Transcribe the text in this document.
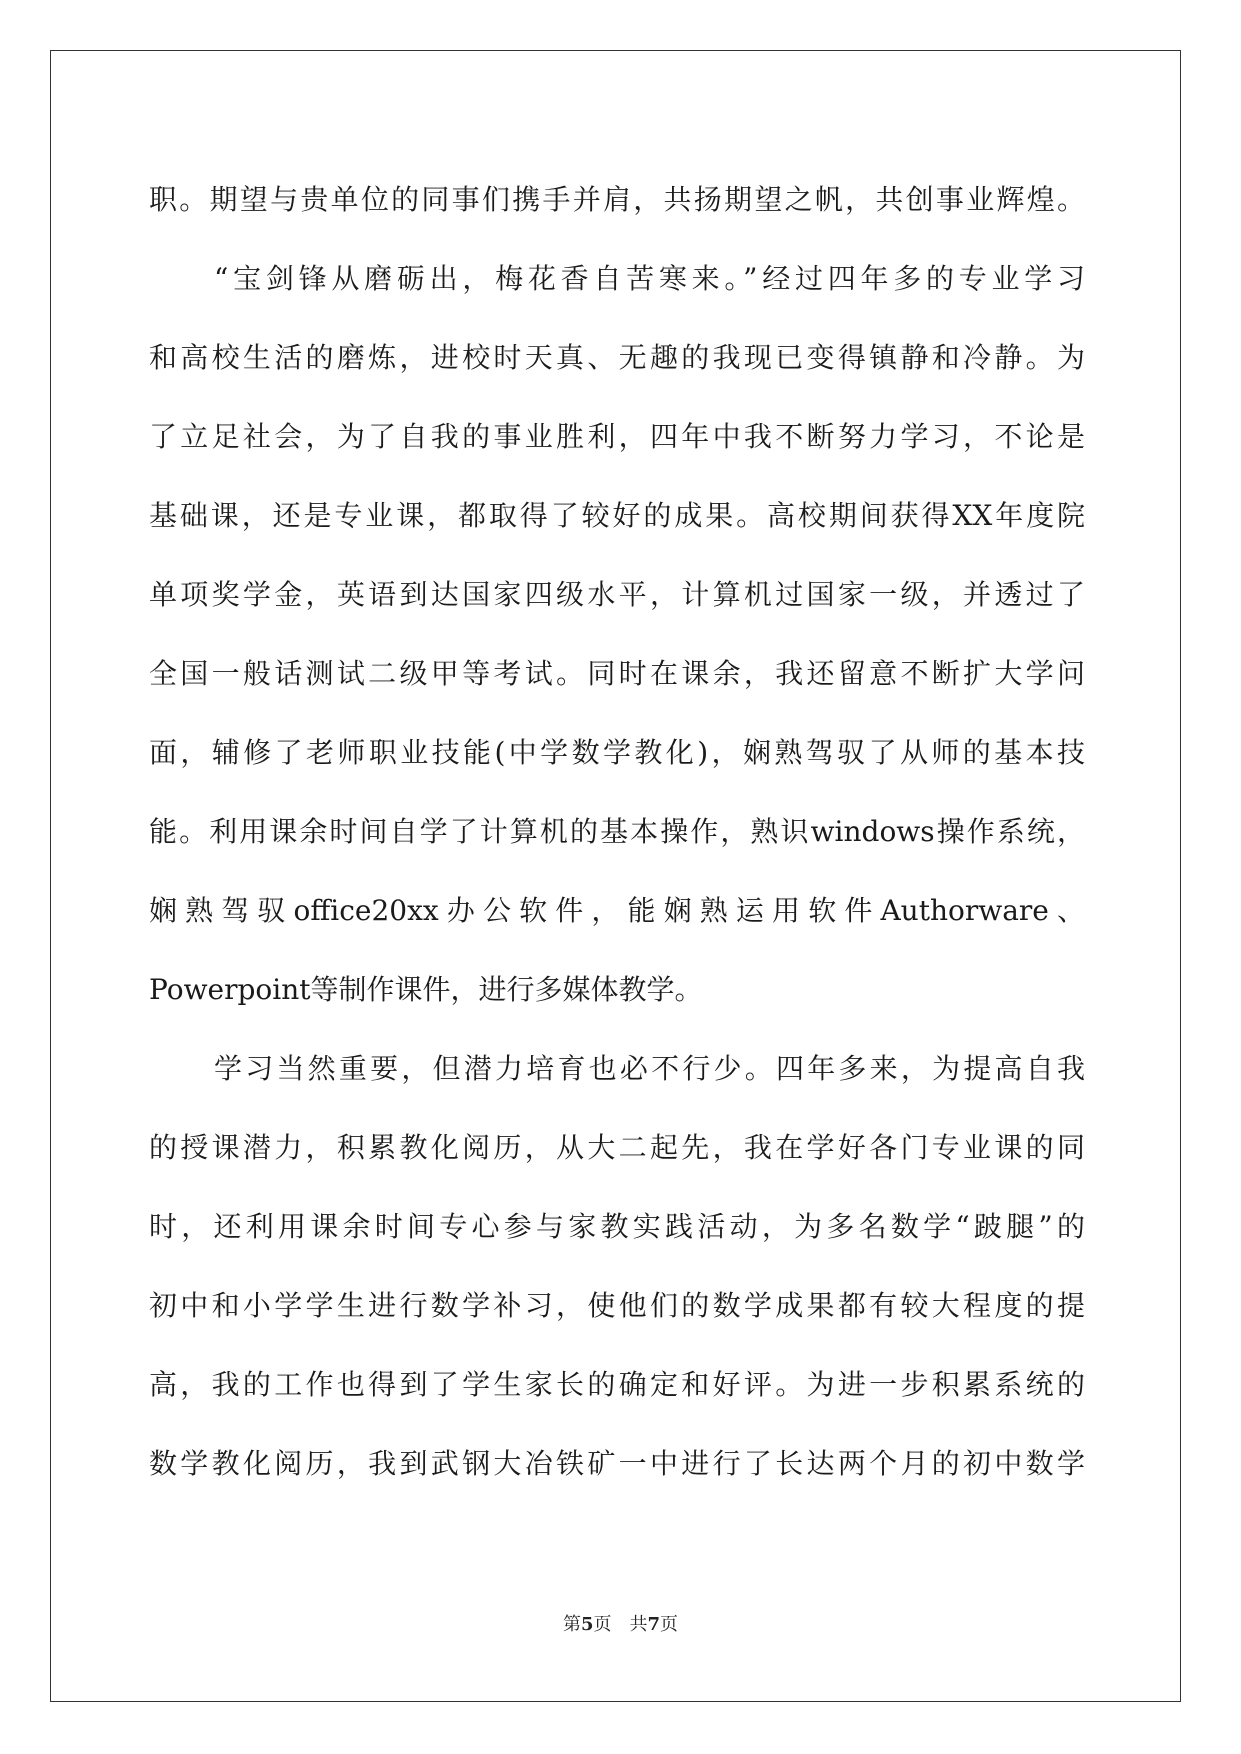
职。期望与贵单位的同事们携手并肩，共扬期望之帆，共创事业辉煌。
“宝剑锋从磨砺出，梅花香自苦寒来。”经过四年多的专业学习
和高校生活的磨炼，进校时天真、无趣的我现已变得镇静和冷静。为
了立足社会，为了自我的事业胜利，四年中我不断努力学习，不论是
基础课，还是专业课，都取得了较好的成果。高校期间获得XX年度院
单项奖学金，英语到达国家四级水平，计算机过国家一级，并透过了
全国一般话测试二级甲等考试。同时在课余，我还留意不断扩大学问
面，辅修了老师职业技能(中学数学教化)，娴熟驾驭了从师的基本技
能。利用课余时间自学了计算机的基本操作，熟识windows操作系统，
娴熟驾驭office20xx办公软件，能娴熟运用软件Authorware、
Powerpoint等制作课件，进行多媒体教学。
学习当然重要，但潜力培育也必不行少。四年多来，为提高自我
的授课潜力，积累教化阅历，从大二起先，我在学好各门专业课的同
时，还利用课余时间专心参与家教实践活动，为多名数学“跛腿”的
初中和小学学生进行数学补习，使他们的数学成果都有较大程度的提
高，我的工作也得到了学生家长的确定和好评。为进一步积累系统的
数学教化阅历，我到武钢大冶铁矿一中进行了长达两个月的初中数学
第5页 共7页
